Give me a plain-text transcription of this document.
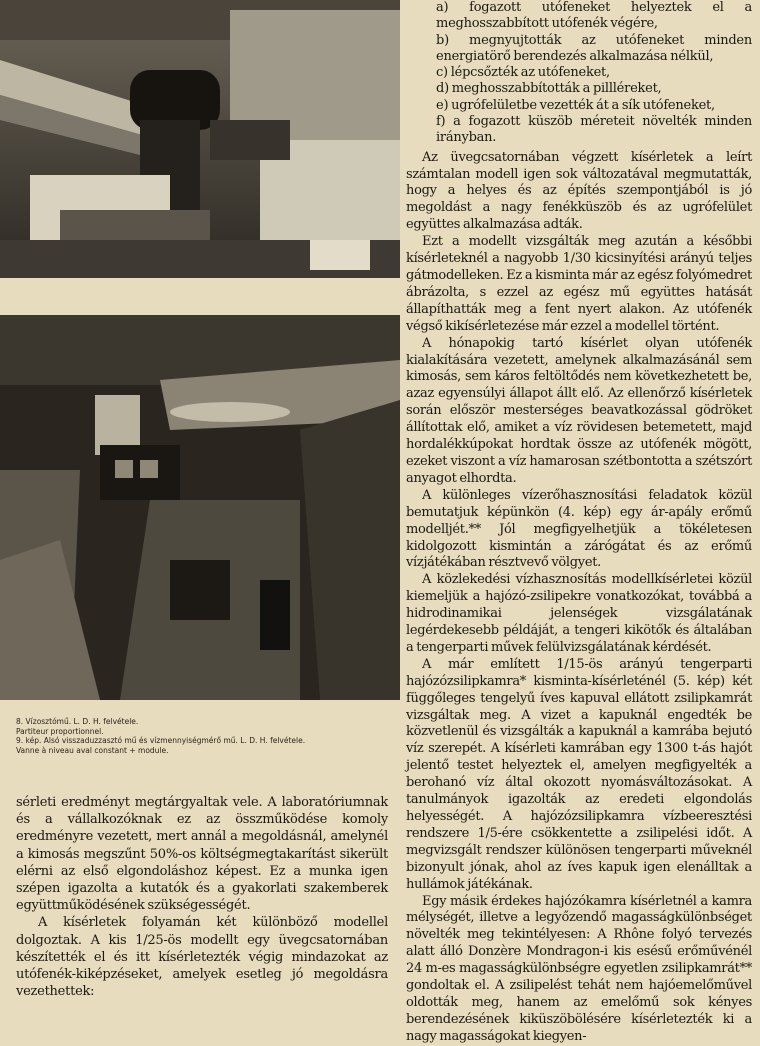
8. Vízosztómű. L. D. H. felvétele.

Partiteur proportionnel.

9. kép. Alsó visszaduzzasztó mű és vízmennyiségmérő mű. L. D. H. felvétele.

Vanne à niveau aval constant + module.

sérleti eredményt megtárgyaltak vele. A laboratóriumnak és a vállalkozóknak ez az összműködése komoly eredményre vezetett, mert annál a megoldásnál, amelynél a kimosás megszűnt 50%-os költségmegtakarítást sikerült elérni az első elgondoláshoz képest. Ez a munka igen szépen igazolta a kutatók és a gyakorlati szakemberek együttműködésének szükségességét.

A kísérletek folyamán két különböző modellel dolgoztak. A kis 1/25-ös modellt egy üvegcsatornában készítették el és itt kísérletezték végig mindazokat az utófenék-kiképzéseket, amelyek esetleg jó megoldásra vezethettek:

a) fogazott utófeneket helyeztek el a meghosszabbított utófenék végére,

b) megnyujtották az utófeneket minden energiatörő berendezés alkalmazása nélkül,

c) lépcsőzték az utófeneket,

d) meghosszabbították a pillléreket,

e) ugrófelületbe vezették át a sík utófeneket,

f) a fogazott küszöb méreteit növelték minden irányban.

Az üvegcsatornában végzett kísérletek a leírt számtalan modell igen sok változatával megmutatták, hogy a helyes és az építés szempontjából is jó megoldást a nagy fenékküszöb és az ugrófelület együttes alkalmazása adták.

Ezt a modellt vizsgálták meg azután a későbbi kísérleteknél a nagyobb 1/30 kicsinyítési arányú teljes gátmodelleken. Ez a kisminta már az egész folyómedret ábrázolta, s ezzel az egész mű együttes hatását állapíthatták meg a fent nyert alakon. Az utófenék végső kikísérletezése már ezzel a modellel történt.

A hónapokig tartó kísérlet olyan utófenék kialakítására vezetett, amelynek alkalmazásánál sem kimosás, sem káros feltöltődés nem következhetett be, azaz egyensúlyi állapot állt elő. Az ellenőrző kísérletek során először mesterséges beavatkozással gödröket állítottak elő, amiket a víz rövidesen betemetett, majd hordalékkúpokat hordtak össze az utófenék mögött, ezeket viszont a víz hamarosan szétbontotta a szétszórt anyagot elhordta.

A különleges vízerőhasznosítási feladatok közül bemutatjuk képünkön (4. kép) egy ár-apály erőmű modelljét.** Jól megfigyelhetjük a tökéletesen kidolgozott kismintán a zárógátat és az erőmű vízjátékában résztvevő völgyet.

A közlekedési vízhasznosítás modellkísérletei közül kiemeljük a hajózó-zsilipekre vonatkozókat, továbbá a hidrodinamikai jelenségek vizsgálatának legérdekesebb példáját, a tengeri kikötők és általában a tengerparti művek felülvizsgálatának kérdését.

A már említett 1/15-ös arányú tengerparti hajózózsilipkamra* kisminta-kísérleténél (5. kép) két függőleges tengelyű íves kapuval ellátott zsilipkamrát vizsgáltak meg. A vizet a kapuknál engedték be közvetlenül és vizsgálták a kapuknál a kamrába bejutó víz szerepét. A kísérleti kamrában egy 1300 t-ás hajót jelentő testet helyeztek el, amelyen megfigyelték a berohanó víz által okozott nyomásváltozásokat. A tanulmányok igazolták az eredeti elgondolás helyességét. A hajózózsilipkamra vízbeeresztési rendszere 1/5-ére csökkentette a zsilipelési időt. A megvizsgált rendszer különösen tengerparti műveknél bizonyult jónak, ahol az íves kapuk igen elenálltak a hullámok játékának.

Egy másik érdekes hajózókamra kísérletnél a kamra mélységét, illetve a legyőzendő magasságkülönbséget növelték meg tekintélyesen: A Rhône folyó tervezés alatt álló Donzère Mondragon-i kis esésű erőművénél 24 m-es magasságkülönbségre egyetlen zsilipkamrát** gondoltak el. A zsilipelést tehát nem hajóemelőművel oldották meg, hanem az emelőmű sok kényes berendezésének kiküszöbölésére kísérletezték ki a nagy magasságokat kiegyen-
